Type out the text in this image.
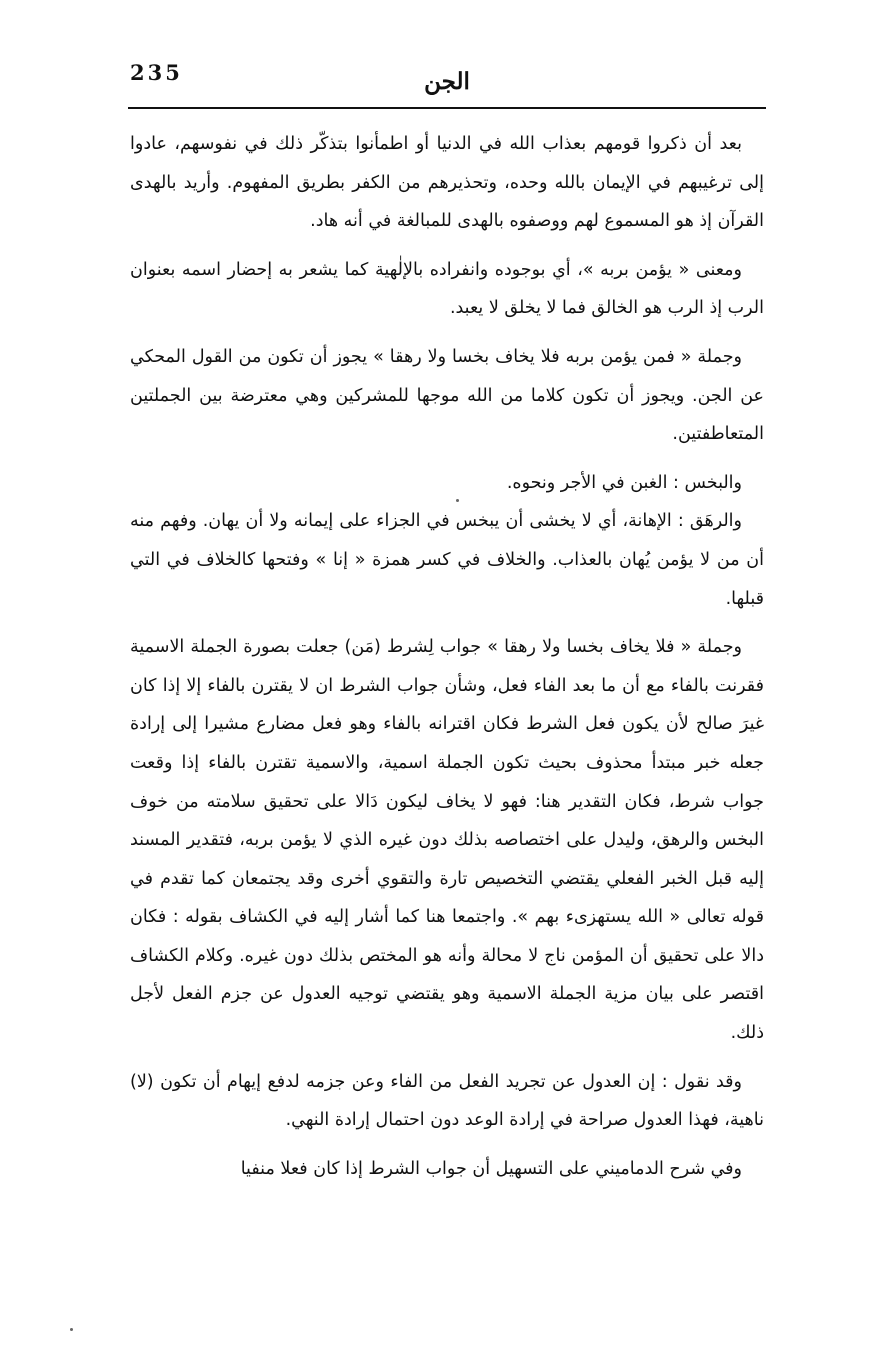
235	الجن

بعد أن ذكروا قومهم بعذاب الله في الدنيا أو اطمأنوا بتذكّر ذلك في نفوسهم، عادوا إلى ترغيبهم في الإيمان بالله وحده، وتحذيرهم من الكفر بطريق المفهوم. وأريد بالهدى القرآن إذ هو المسموع لهم ووصفوه بالهدى للمبالغة في أنه هاد.

ومعنى « يؤمن بربه »، أي بوجوده وانفراده بالإلٰهية كما يشعر به إحضار اسمه بعنوان الرب إذ الرب هو الخالق فما لا يخلق لا يعبد.

وجملة « فمن يؤمن بربه فلا يخاف بخسا ولا رهقا » يجوز أن تكون من القول المحكي عن الجن. ويجوز أن تكون كلاما من الله موجها للمشركين وهي معترضة بين الجملتين المتعاطفتين.

والبخس : الغبن في الأجر ونحوه.

والرهَق : الإهانة، أي لا يخشى أن يبخس في الجزاء على إيمانه ولا أن يهان. وفهم منه أن من لا يؤمن يُهان بالعذاب. والخلاف في كسر همزة « إنا » وفتحها كالخلاف في التي قبلها.

وجملة « فلا يخاف بخسا ولا رهقا » جواب لِشرط (مَن) جعلت بصورة الجملة الاسمية فقرنت بالفاء مع أن ما بعد الفاء فعل، وشأن جواب الشرط ان لا يقترن بالفاء إلا إذا كان غيرَ صالح لأن يكون فعل الشرط فكان اقترانه بالفاء وهو فعل مضارع مشيرا إلى إرادة جعله خبر مبتدأ محذوف بحيث تكون الجملة اسمية، والاسمية تقترن بالفاء إذا وقعت جواب شرط، فكان التقدير هنا: فهو لا يخاف ليكون دَالا على تحقيق سلامته من خوف البخس والرهق، وليدل على اختصاصه بذلك دون غيره الذي لا يؤمن بربه، فتقدير المسند إليه قبل الخبر الفعلي يقتضي التخصيص تارة والتقوي أخرى وقد يجتمعان كما تقدم في قوله تعالى « الله يستهزىء بهم ». واجتمعا هنا كما أشار إليه في الكشاف بقوله : فكان دالا على تحقيق أن المؤمن ناج لا محالة وأنه هو المختص بذلك دون غيره. وكلام الكشاف اقتصر على بيان مزية الجملة الاسمية وهو يقتضي توجيه العدول عن جزم الفعل لأجل ذلك.

وقد نقول : إن العدول عن تجريد الفعل من الفاء وعن جزمه لدفع إيهام أن تكون (لا) ناهية، فهذا العدول صراحة في إرادة الوعد دون احتمال إرادة النهي.

وفي شرح الدماميني على التسهيل أن جواب الشرط إذا كان فعلا منفيا
